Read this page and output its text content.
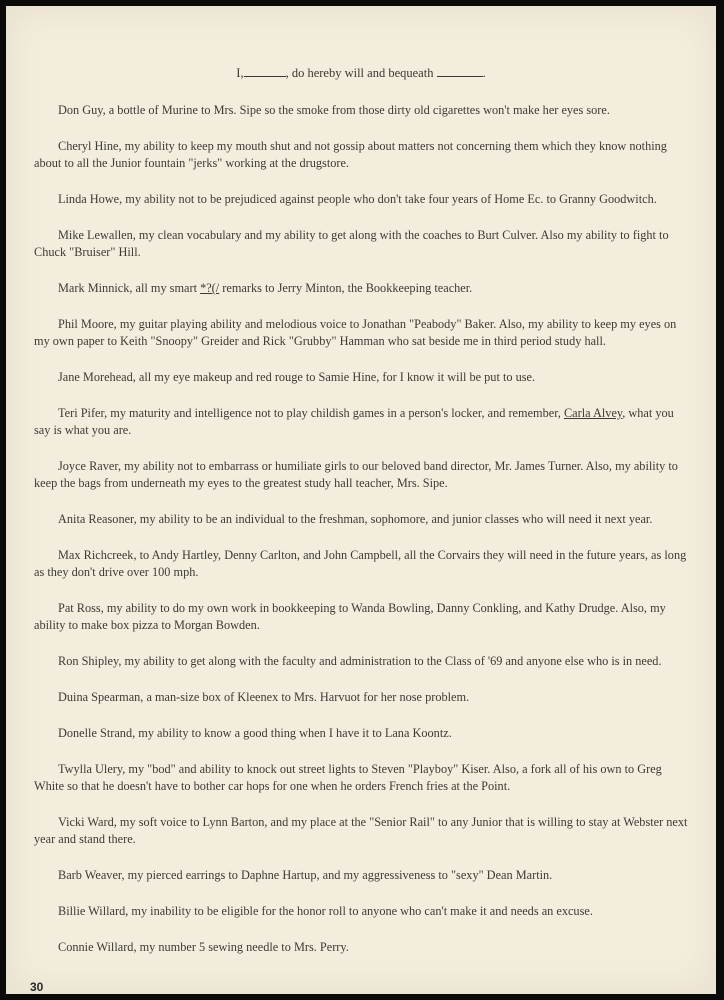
I,	, do hereby will and bequeath	.

Don Guy, a bottle of Murine to Mrs. Sipe so the smoke from those dirty old cigarettes won't make her eyes sore.

Cheryl Hine, my ability to keep my mouth shut and not gossip about matters not concerning them which they know nothing about to all the Junior fountain "jerks" working at the drugstore.

Linda Howe, my ability not to be prejudiced against people who don't take four years of Home Ec. to Granny Goodwitch.

Mike Lewallen, my clean vocabulary and my ability to get along with the coaches to Burt Culver. Also my ability to fight to Chuck "Bruiser" Hill.

Mark Minnick, all my smart *?(/ remarks to Jerry Minton, the Bookkeeping teacher.

Phil Moore, my guitar playing ability and melodious voice to Jonathan "Peabody" Baker. Also, my ability to keep my eyes on my own paper to Keith "Snoopy" Greider and Rick "Grubby" Hamman who sat beside me in third period study hall.

Jane Morehead, all my eye makeup and red rouge to Samie Hine, for I know it will be put to use.

Teri Pifer, my maturity and intelligence not to play childish games in a person's locker, and remember, Carla Alvey, what you say is what you are.

Joyce Raver, my ability not to embarrass or humiliate girls to our beloved band director, Mr. James Turner. Also, my ability to keep the bags from underneath my eyes to the greatest study hall teacher, Mrs. Sipe.

Anita Reasoner, my ability to be an individual to the freshman, sophomore, and junior classes who will need it next year.

Max Richcreek, to Andy Hartley, Denny Carlton, and John Campbell, all the Corvairs they will need in the future years, as long as they don't drive over 100 mph.

Pat Ross, my ability to do my own work in bookkeeping to Wanda Bowling, Danny Conkling, and Kathy Drudge. Also, my ability to make box pizza to Morgan Bowden.

Ron Shipley, my ability to get along with the faculty and administration to the Class of '69 and anyone else who is in need.

Duina Spearman, a man-size box of Kleenex to Mrs. Harvuot for her nose problem.

Donelle Strand, my ability to know a good thing when I have it to Lana Koontz.

Twylla Ulery, my "bod" and ability to knock out street lights to Steven "Playboy" Kiser. Also, a fork all of his own to Greg White so that he doesn't have to bother car hops for one when he orders French fries at the Point.

Vicki Ward, my soft voice to Lynn Barton, and my place at the "Senior Rail" to any Junior that is willing to stay at Webster next year and stand there.

Barb Weaver, my pierced earrings to Daphne Hartup, and my aggressiveness to "sexy" Dean Martin.

Billie Willard, my inability to be eligible for the honor roll to anyone who can't make it and needs an excuse.

Connie Willard, my number 5 sewing needle to Mrs. Perry.

30
